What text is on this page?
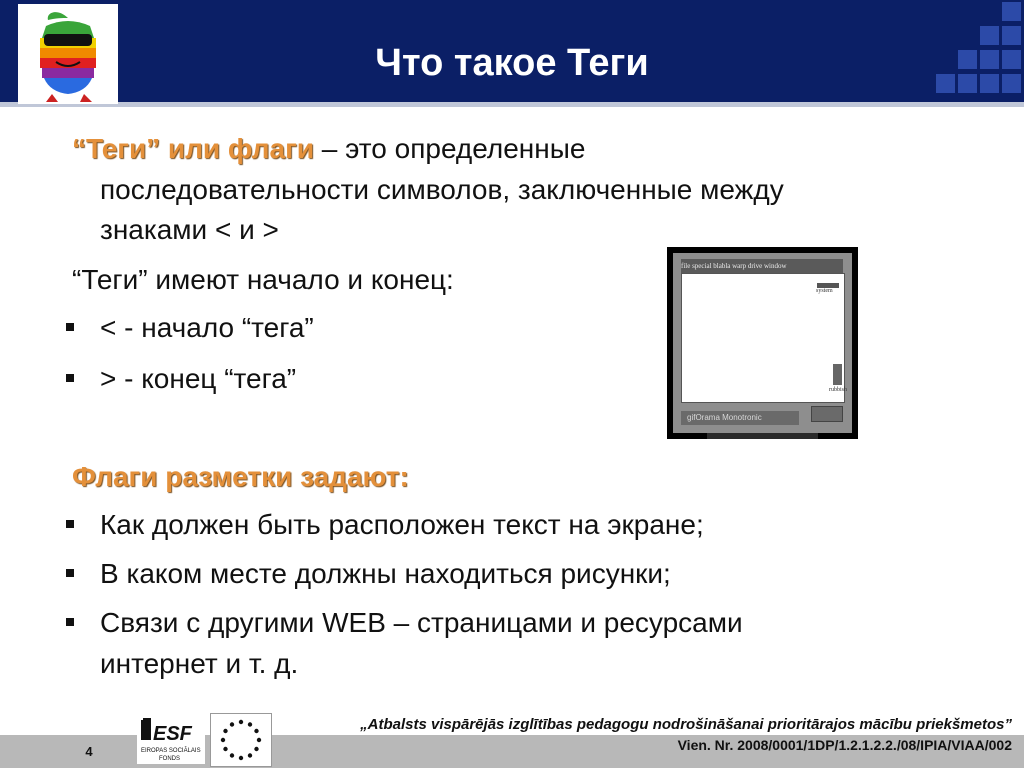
Что такое Теги
“Теги” или флаги – это определенные
последовательности символов, заключенные между
знаками < и >
“Теги” имеют начало и конец:
< - начало “тега”
> - конец “тега”
Флаги разметки задают:
Как должен быть расположен текст на экране;
В каком месте должны находиться рисунки;
Связи с другими WEB – страницами и ресурсами
интернет и т. д.
file special blabla warp drive window
system
rubbish
gifOrama Monotronic
4
ESF
EIROPAS SOCIĀLAIS
FONDS
„Atbalsts vispārējās izglītības pedagogu nodrošināšanai prioritārajos mācību priekšmetos”
Vien. Nr. 2008/0001/1DP/1.2.1.2.2./08/IPIA/VIAA/002
